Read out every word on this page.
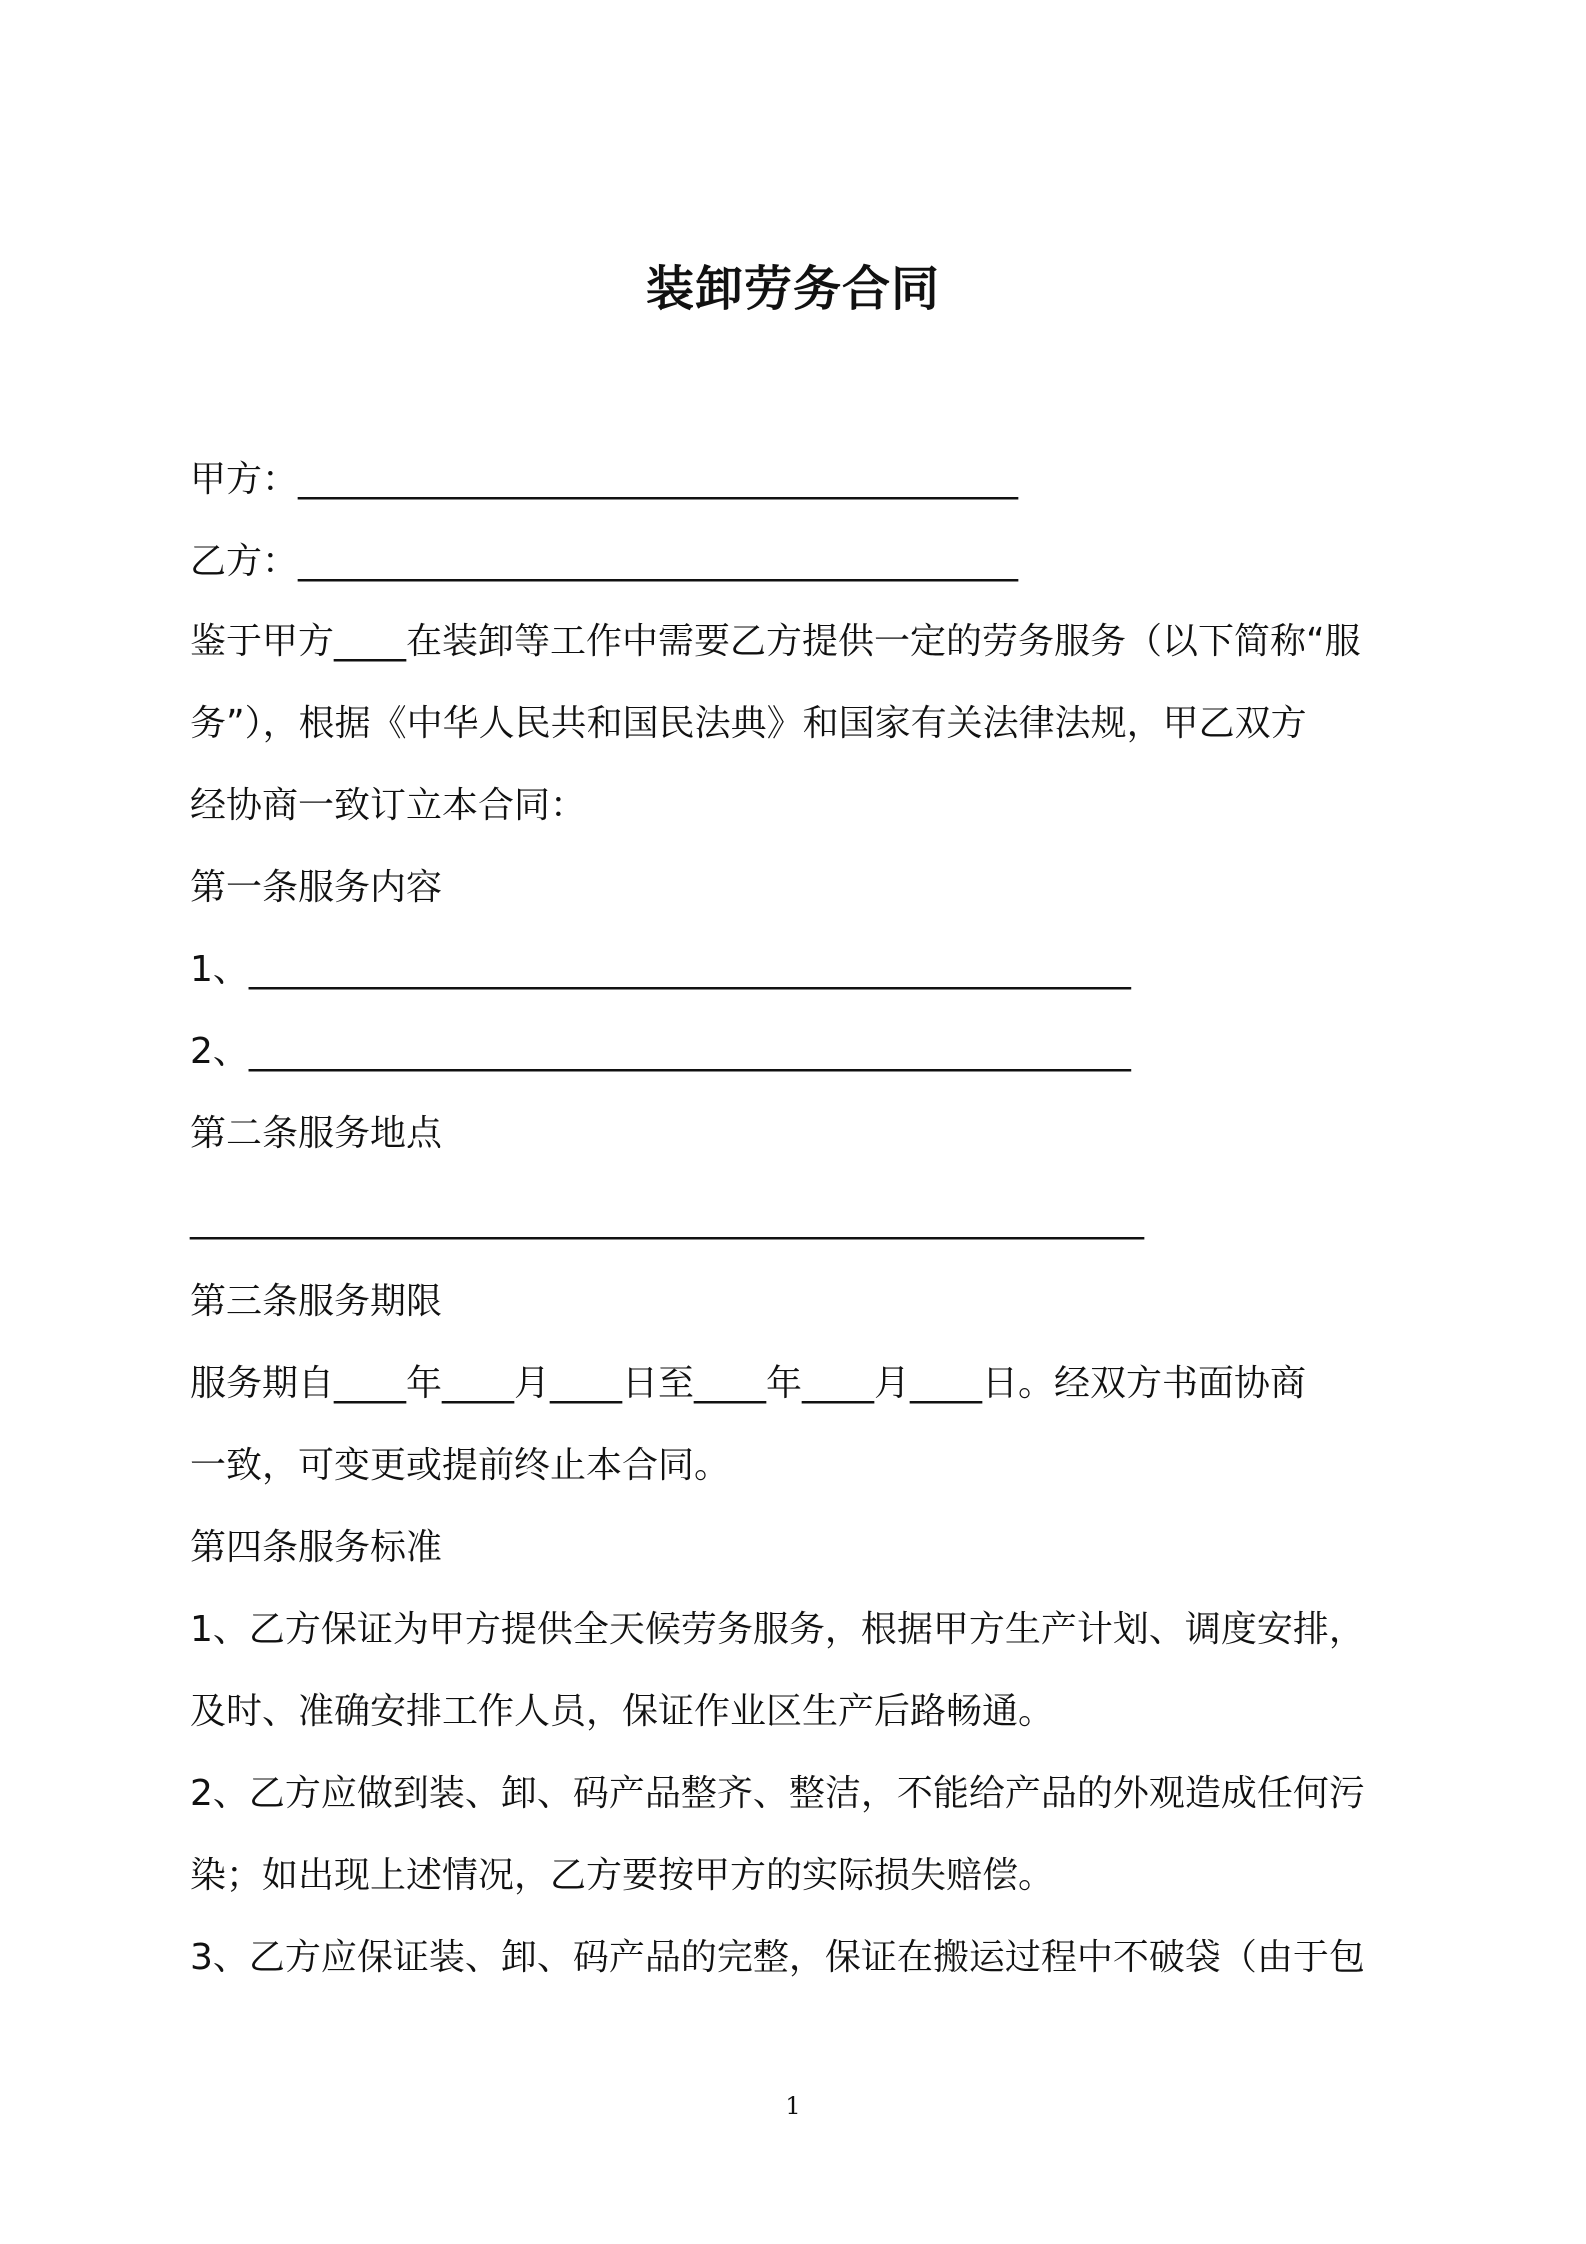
装卸劳务合同
甲方：________________________________________
乙方：________________________________________
鉴于甲方____在装卸等工作中需要乙方提供一定的劳务服务（以下简称“服
务”），根据《中华人民共和国民法典》和国家有关法律法规，甲乙双方
经协商一致订立本合同：
第一条服务内容
1、_________________________________________________
2、_________________________________________________
第二条服务地点
_____________________________________________________
第三条服务期限
服务期自____年____月____日至____年____月____日。经双方书面协商
一致，可变更或提前终止本合同。
第四条服务标准
1、乙方保证为甲方提供全天候劳务服务，根据甲方生产计划、调度安排，
及时、准确安排工作人员，保证作业区生产后路畅通。
2、乙方应做到装、卸、码产品整齐、整洁，不能给产品的外观造成任何污
染；如出现上述情况，乙方要按甲方的实际损失赔偿。
3、乙方应保证装、卸、码产品的完整，保证在搬运过程中不破袋（由于包
1
